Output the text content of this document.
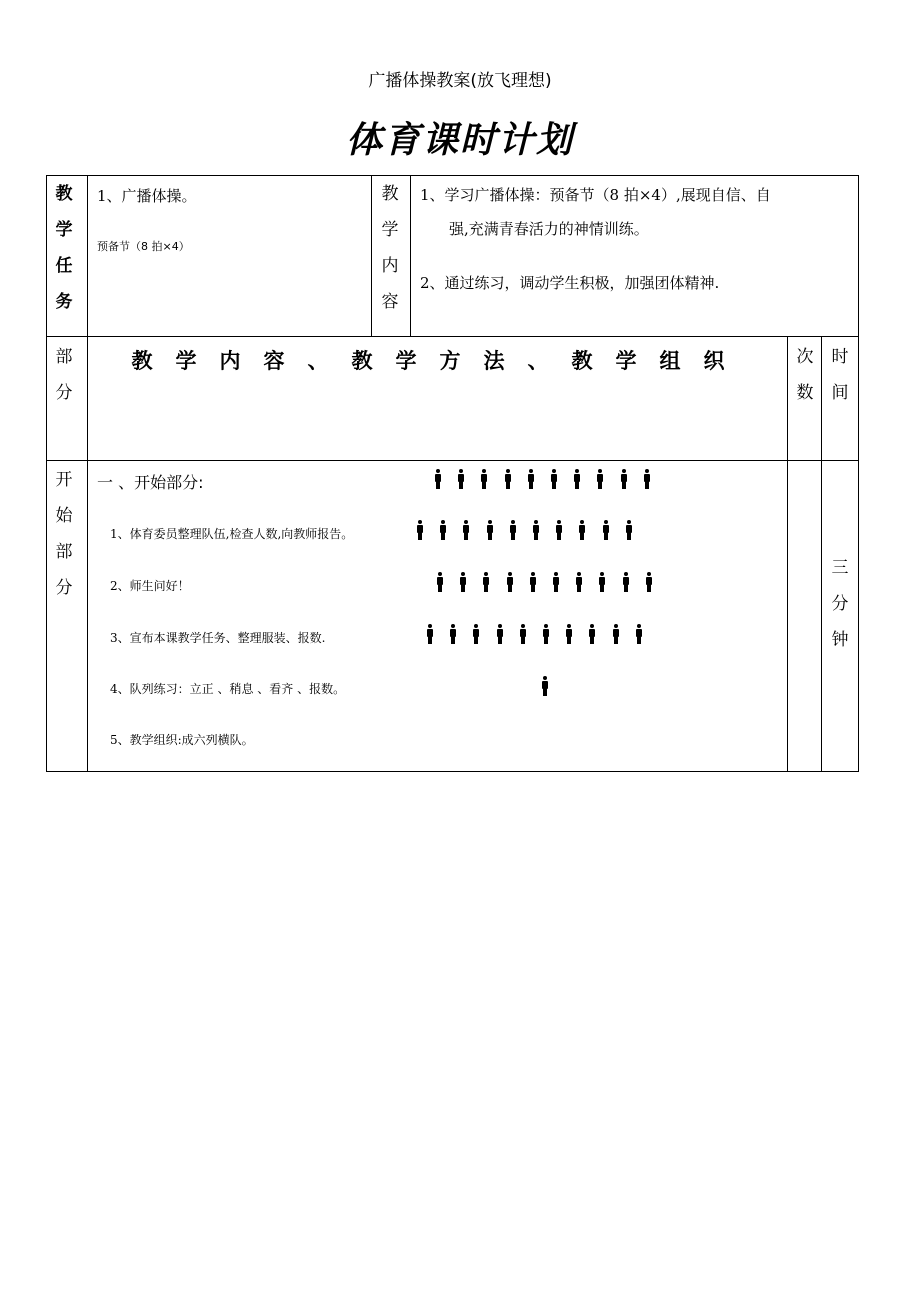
广播体操教案(放飞理想)
体育课时计划
教
学
任
务
1、广播体操。
预备节（8 拍×4）
教
学
内
容
1、学习广播体操：预备节（8 拍×4）,展现自信、自
强,充满青春活力的神情训练。
2、通过练习，调动学生积极，加强团体精神.
部
分
教学内容、教学方法、教学组织	次
数
时
间
开
始
部
分
一 、开始部分:
1、体育委员整理队伍,检查人数,向教师报告。
2、师生问好！
3、宣布本课教学任务、整理服装、报数.
4、队列练习：立正 、稍息 、看齐 、报数。
5、教学组织:成六列横队。
三
分
钟
